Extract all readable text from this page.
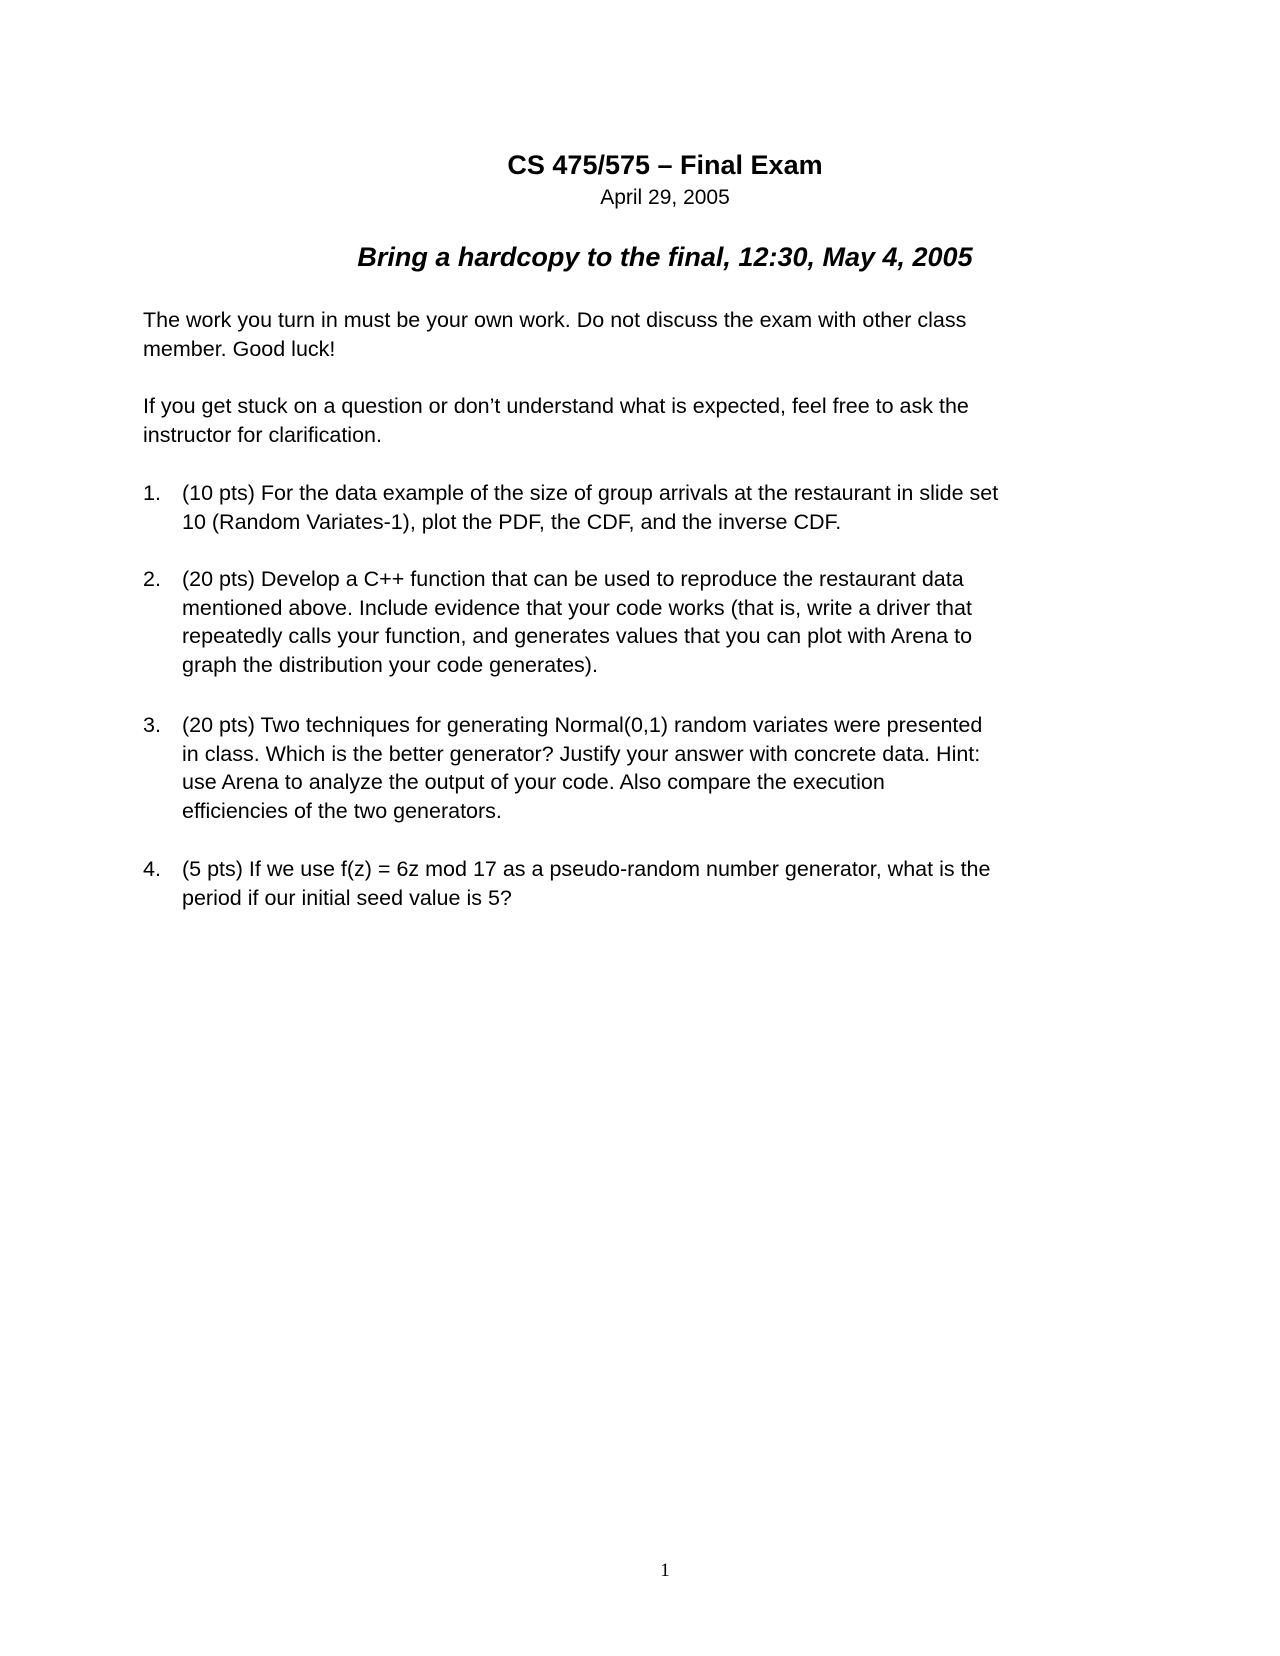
CS 475/575 – Final Exam
April 29, 2005
Bring a hardcopy to the final, 12:30, May 4, 2005
The work you turn in must be your own work. Do not discuss the exam with other class
member. Good luck!
If you get stuck on a question or don’t understand what is expected, feel free to ask the
instructor for clarification.
1. (10 pts) For the data example of the size of group arrivals at the restaurant in slide set
10 (Random Variates-1), plot the PDF, the CDF, and the inverse CDF.
2. (20 pts) Develop a C++ function that can be used to reproduce the restaurant data
mentioned above. Include evidence that your code works (that is, write a driver that
repeatedly calls your function, and generates values that you can plot with Arena to
graph the distribution your code generates).
3. (20 pts) Two techniques for generating Normal(0,1) random variates were presented
in class. Which is the better generator? Justify your answer with concrete data. Hint:
use Arena to analyze the output of your code. Also compare the execution
efficiencies of the two generators.
4. (5 pts) If we use f(z) = 6z mod 17 as a pseudo-random number generator, what is the
period if our initial seed value is 5?
1
